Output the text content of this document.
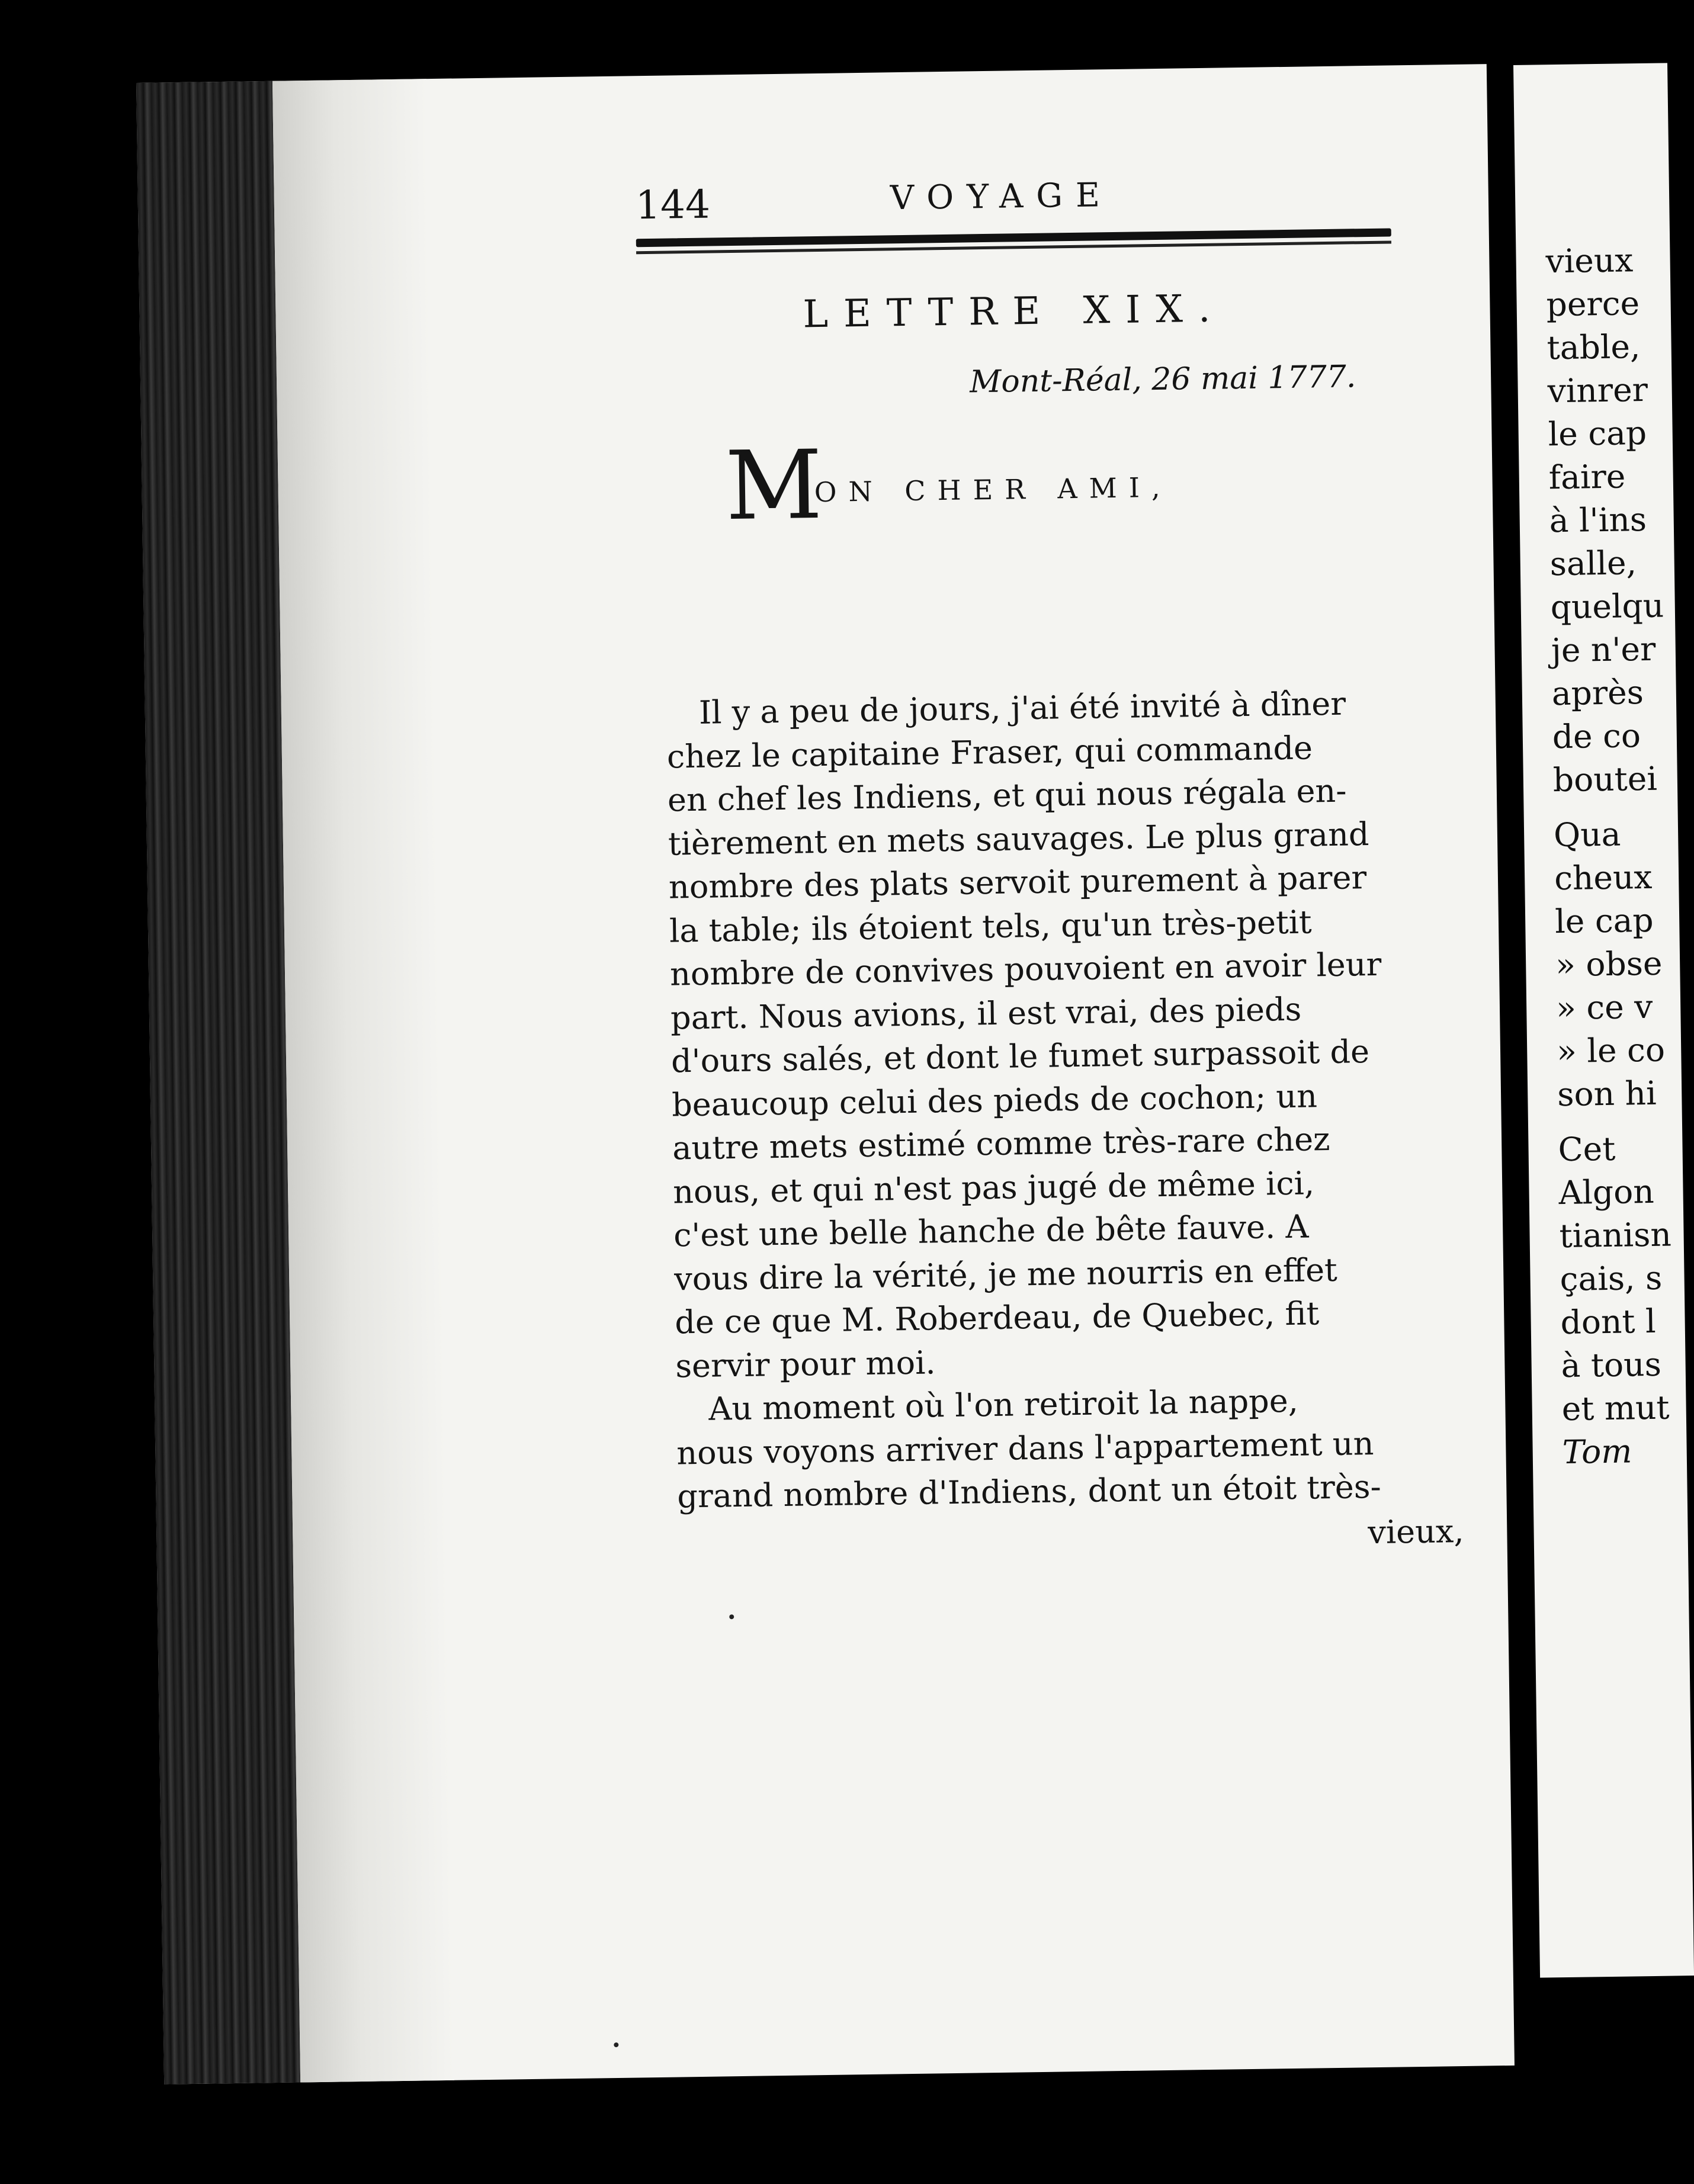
144	VOYAGE
LETTRE XIX.
Mont-Réal, 26 mai 1777.
M
ON CHER AMI,
Il y a peu de jours, j'ai été invité à dîner
chez le capitaine Fraser, qui commande
en chef les Indiens, et qui nous régala en-
tièrement en mets sauvages. Le plus grand
nombre des plats servoit purement à parer
la table; ils étoient tels, qu'un très-petit
nombre de convives pouvoient en avoir leur
part. Nous avions, il est vrai, des pieds
d'ours salés, et dont le fumet surpassoit de
beaucoup celui des pieds de cochon; un
autre mets estimé comme très-rare chez
nous, et qui n'est pas jugé de même ici,
c'est une belle hanche de bête fauve. A
vous dire la vérité, je me nourris en effet
de ce que M. Roberdeau, de Quebec, fit
servir pour moi.
Au moment où l'on retiroit la nappe,
nous voyons arriver dans l'appartement un
grand nombre d'Indiens, dont un étoit très-
vieux,
vieux
perce
table,
vinrer
le cap
faire
à l'ins
salle,
quelqu
je n'er
après
de co
boutei
Qua
cheux
le cap
» obse
» ce v
» le co
son hi
Cet
Algon
tianisn
çais, s
dont l
à tous
et mut
Tom
